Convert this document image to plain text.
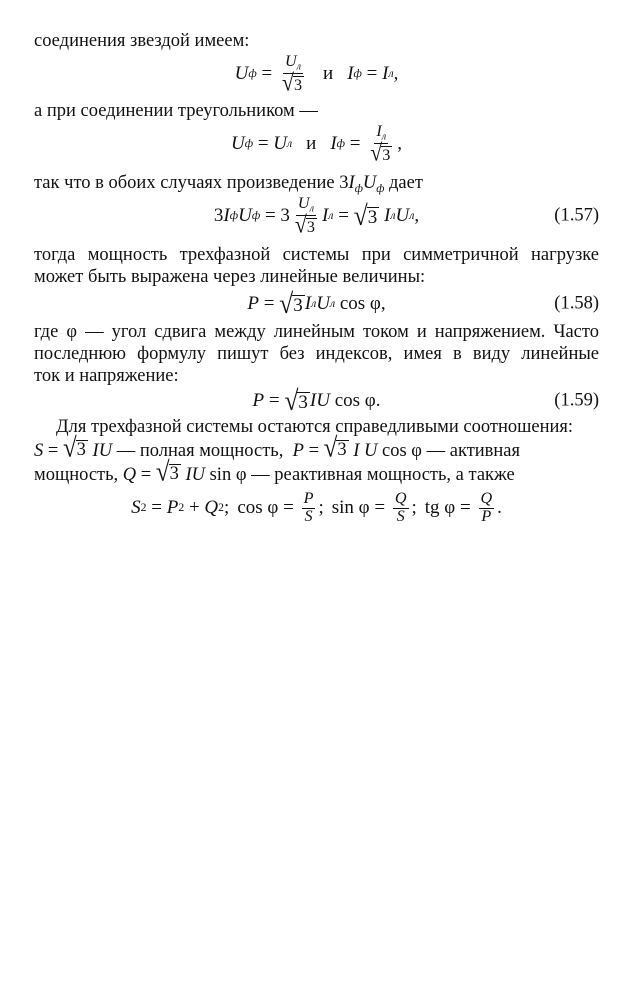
соединения звездой имеем:
U $ф = \frac{U_л}{√3}$ и I ф = I л ,
а при соединении треугольником —
U ф = U л и I $ф = \frac{I_л}{√3}$ ,
так что в обоих случаях произведение $3I_фU_ф$ дает
3 I ф U $ф = 3 \frac{U_л}{√3}$ I л = √ 3
I л U л ,	(1.57)
тогда мощность трехфазной системы при симметричной нагрузке
может быть выражена через линейные величины:
P = √ 3 I л U л cos φ,	(1.58)
где φ — угол сдвига между линейным током и напряжением. Часто
последнюю формулу пишут без индексов, имея в виду линейные
ток и напряжение:
P = √ 3 IU cos φ.	(1.59)
Для трехфазной системы остаются справедливыми соотношения:
S = √ 3 IU — полная мощность, P = √ 3 I U cos φ — активная
мощность, Q = √ 3 IU sin φ — реактивная мощность, а также
S 2 = P 2 + Q 2 ; $\cos \varphi = \frac{P}{S}$ ; $\sin \varphi = \frac{Q}{S}$ ; tg $\varphi = \frac{Q}{P}$ .
